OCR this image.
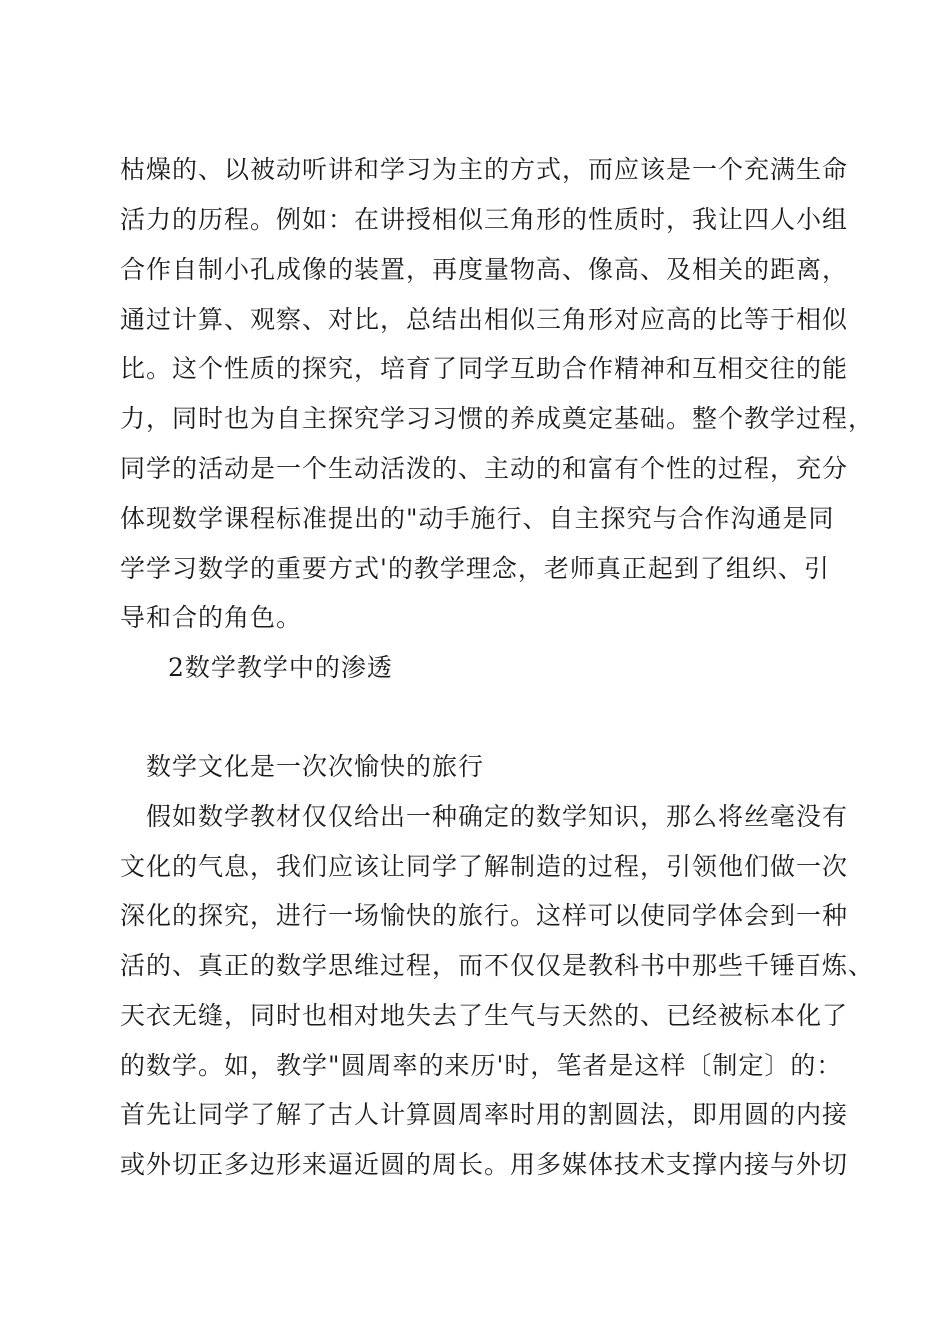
枯燥的、以被动听讲和学习为主的方式，而应该是一个充满生命
活力的历程。例如：在讲授相似三角形的性质时，我让四人小组
合作自制小孔成像的装置，再度量物高、像高、及相关的距离，
通过计算、观察、对比，总结出相似三角形对应高的比等于相似
比。这个性质的探究，培育了同学互助合作精神和互相交往的能
力，同时也为自主探究学习习惯的养成奠定基础。整个教学过程，
同学的活动是一个生动活泼的、主动的和富有个性的过程，充分
体现数学课程标准提出的"动手施行、自主探究与合作沟通是同
学学习数学的重要方式'的教学理念，老师真正起到了组织、引
导和合的角色。
2数学教学中的渗透
数学文化是一次次愉快的旅行
假如数学教材仅仅给出一种确定的数学知识，那么将丝毫没有
文化的气息，我们应该让同学了解制造的过程，引领他们做一次
深化的探究，进行一场愉快的旅行。这样可以使同学体会到一种
活的、真正的数学思维过程，而不仅仅是教科书中那些千锤百炼、
天衣无缝，同时也相对地失去了生气与天然的、已经被标本化了
的数学。如，教学"圆周率的来历'时，笔者是这样〔制定〕的：
首先让同学了解了古人计算圆周率时用的割圆法，即用圆的内接
或外切正多边形来逼近圆的周长。用多媒体技术支撑内接与外切
